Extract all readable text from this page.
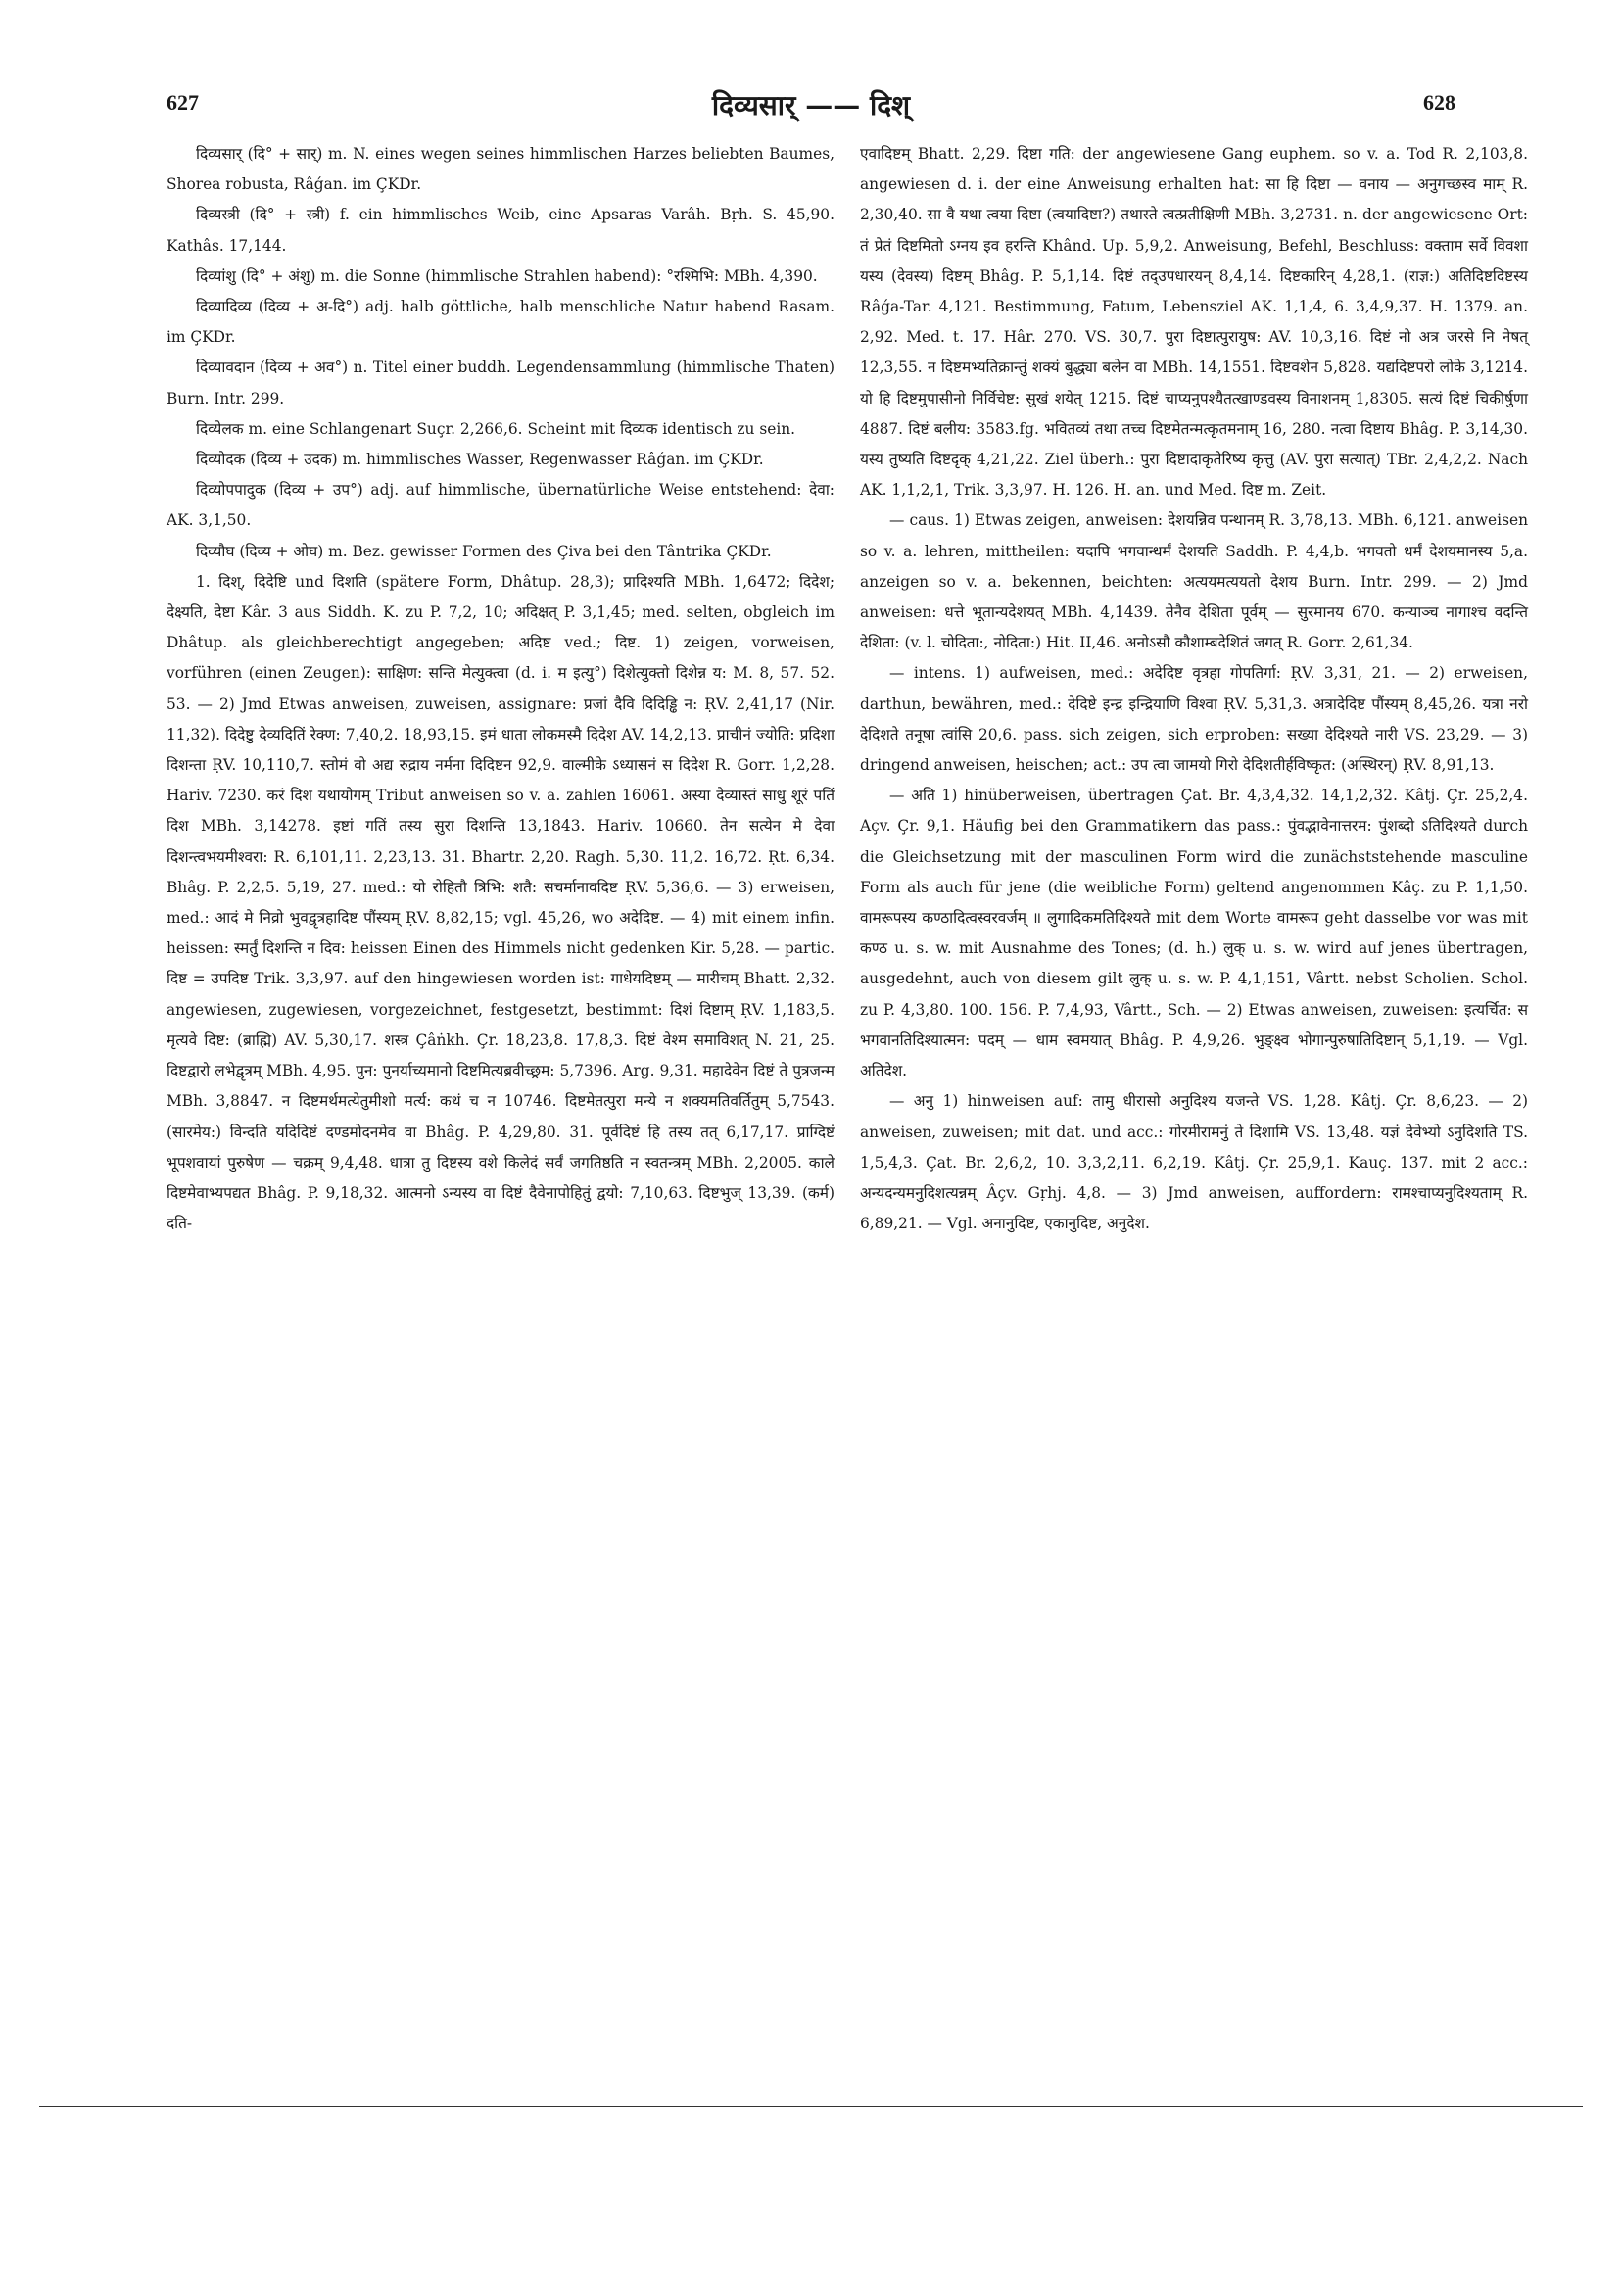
627	दिव्यसार् —— दिश्	628

दिव्यसार् (दि° + सार्) m. N. eines wegen seines himmlischen Harzes beliebten Baumes, Shorea robusta, Râǵan. im ÇKDr.

दिव्यस्त्री (दि° + स्त्री) f. ein himmlisches Weib, eine Apsaras Varâh. Bṛh. S. 45,90. Kathâs. 17,144.

दिव्यांशु (दि° + अंशु) m. die Sonne (himmlische Strahlen habend): °रश्मिभि: MBh. 4,390.

दिव्यादिव्य (दिव्य + अ-दि°) adj. halb göttliche, halb menschliche Natur habend Rasam. im ÇKDr.

दिव्यावदान (दिव्य + अव°) n. Titel einer buddh. Legendensammlung (himmlische Thaten) Burn. Intr. 299.

दिव्येलक m. eine Schlangenart Suçr. 2,266,6. Scheint mit दिव्यक identisch zu sein.

दिव्योदक (दिव्य + उदक) m. himmlisches Wasser, Regenwasser Râǵan. im ÇKDr.

दिव्योपपादुक (दिव्य + उप°) adj. auf himmlische, übernatürliche Weise entstehend: देवा: AK. 3,1,50.

दिव्यौघ (दिव्य + ओघ) m. Bez. gewisser Formen des Çiva bei den Tântrika ÇKDr.

1. दिश्, दिदेष्टि und दिशति (spätere Form, Dhâtup. 28,3); प्रादिश्यति MBh. 1,6472; दिदेश; देक्ष्यति, देष्टा Kâr. 3 aus Siddh. K. zu P. 7,2, 10; अदिक्षत् P. 3,1,45; med. selten, obgleich im Dhâtup. als gleichberechtigt angegeben; अदिष्ट ved.; दिष्ट. 1) zeigen, vorweisen, vorführen (einen Zeugen): साक्षिण: सन्ति मेत्युक्त्वा (d. i. म इत्यु°) दिशेत्युक्तो दिशेन्न य: M. 8, 57. 52. 53. — 2) Jmd Etwas anweisen, zuweisen, assignare: प्रजां दैवि दिदिड्ढि न: ṚV. 2,41,17 (Nir. 11,32). दिदेष्टु देव्यदितिं रेक्ण: 7,40,2. 18,93,15. इमं धाता लोकमस्मै दिदेश AV. 14,2,13. प्राचीनं ज्योति: प्रदिशा दिशन्ता ṚV. 10,110,7. स्तोमं वो अद्य रुद्राय नर्मना दिदिष्टन 92,9. वाल्मीके ऽध्यासनं स दिदेश R. Gorr. 1,2,28. Hariv. 7230. करं दिश यथायोगम् Tribut anweisen so v. a. zahlen 16061. अस्या देव्यास्तं साधु शूरं पतिं दिश MBh. 3,14278. इष्टां गतिं तस्य सुरा दिशन्ति 13,1843. Hariv. 10660. तेन सत्येन मे देवा दिशन्त्वभयमीश्वरा: R. 6,101,11. 2,23,13. 31. Bhartr. 2,20. Ragh. 5,30. 11,2. 16,72. Ṛt. 6,34. Bhâg. P. 2,2,5. 5,19, 27. med.: यो रोहितौ त्रिभि: शतै: सचर्मानावदिष्ट ṚV. 5,36,6. — 3) erweisen, med.: आदं मे निव्रो भुवद्वृत्रहादिष्ट पौंस्यम् ṚV. 8,82,15; vgl. 45,26, wo अदेदिष्ट. — 4) mit einem infin. heissen: स्मर्तुं दिशन्ति न दिव: heissen Einen des Himmels nicht gedenken Kir. 5,28. — partic. दिष्ट = उपदिष्ट Trik. 3,3,97. auf den hingewiesen worden ist: गाधेयदिष्टम् — मारीचम् Bhatt. 2,32. angewiesen, zugewiesen, vorgezeichnet, festgesetzt, bestimmt: दिशं दिष्टाम् ṚV. 1,183,5. मृत्यवे दिष्ट: (ब्राह्मि) AV. 5,30,17. शस्त्र Çâṅkh. Çr. 18,23,8. 17,8,3. दिष्टं वेश्म समाविशत् N. 21, 25. दिष्टद्वारो लभेद्वृत्रम् MBh. 4,95. पुन: पुनर्याच्यमानो दिष्टमित्यब्रवीच्छ्रम: 5,7396. Arg. 9,31. महादेवेन दिष्टं ते पुत्रजन्म MBh. 3,8847. न दिष्टमर्थमत्येतुमीशो मर्त्य: कथं च न 10746. दिष्टमेतत्पुरा मन्ये न शक्यमतिवर्तितुम् 5,7543. (सारमेय:) विन्दति यदिदिष्टं दण्डमोदनमेव वा Bhâg. P. 4,29,80. 31. पूर्वदिष्टं हि तस्य तत् 6,17,17. प्राग्दिष्टं भूपशवायां पुरुषेण — चक्रम् 9,4,48. धात्रा तु दिष्टस्य वशे किलेदं सर्वं जगतिष्ठति न स्वतन्त्रम् MBh. 2,2005. काले दिष्टमेवाभ्यपद्यत Bhâg. P. 9,18,32. आत्मनो ऽन्यस्य वा दिष्टं दैवेनापोहितुं द्वयो: 7,10,63. दिष्टभुज् 13,39. (कर्म) दति-

एवादिष्टम् Bhatt. 2,29. दिष्टा गति: der angewiesene Gang euphem. so v. a. Tod R. 2,103,8. angewiesen d. i. der eine Anweisung erhalten hat: सा हि दिष्टा — वनाय — अनुगच्छस्व माम् R. 2,30,40. सा वै यथा त्वया दिष्टा (त्वयादिष्टा?) तथास्ते त्वत्प्रतीक्षिणी MBh. 3,2731. n. der angewiesene Ort: तं प्रेतं दिष्टमितो ऽग्नय इव हरन्ति Khând. Up. 5,9,2. Anweisung, Befehl, Beschluss: वक्ताम सर्वे विवशा यस्य (देवस्य) दिष्टम् Bhâg. P. 5,1,14. दिष्टं तद्उपधारयन् 8,4,14. दिष्टकारिन् 4,28,1. (राज्ञ:) अतिदिष्टदिष्टस्य Râǵa-Tar. 4,121. Bestimmung, Fatum, Lebensziel AK. 1,1,4, 6. 3,4,9,37. H. 1379. an. 2,92. Med. t. 17. Hâr. 270. VS. 30,7. पुरा दिष्टात्पुरायुष: AV. 10,3,16. दिष्टं नो अत्र जरसे नि नेषत् 12,3,55. न दिष्टमभ्यतिक्रान्तुं शक्यं बुद्ध्या बलेन वा MBh. 14,1551. दिष्टवशेन 5,828. यद्यदिष्टपरो लोके 3,1214. यो हि दिष्टमुपासीनो निर्विचेष्ट: सुखं शयेत् 1215. दिष्टं चाप्यनुपश्यैतत्खाण्डवस्य विनाशनम् 1,8305. सत्यं दिष्टं चिकीर्षुणा 4887. दिष्टं बलीय: 3583.fg. भवितव्यं तथा तच्च दिष्टमेतन्मत्कृतमनाम् 16, 280. नत्वा दिष्टाय Bhâg. P. 3,14,30. यस्य तुष्यति दिष्टदृक् 4,21,22. Ziel überh.: पुरा दिष्टादाकृतेरिष्य कृत्तु (AV. पुरा सत्यात्) TBr. 2,4,2,2. Nach AK. 1,1,2,1, Trik. 3,3,97. H. 126. H. an. und Med. दिष्ट m. Zeit.

— caus. 1) Etwas zeigen, anweisen: देशयन्निव पन्थानम् R. 3,78,13. MBh. 6,121. anweisen so v. a. lehren, mittheilen: यदापि भगवान्धर्मं देशयति Saddh. P. 4,4,b. भगवतो धर्मं देशयमानस्य 5,a. anzeigen so v. a. bekennen, beichten: अत्ययमत्ययतो देशय Burn. Intr. 299. — 2) Jmd anweisen: धत्ते भूतान्यदेशयत् MBh. 4,1439. तेनैव देशिता पूर्वम् — सुरमानय 670. कन्याञ्च नागाश्च वदन्ति देशिता: (v. l. चोदिता:, नोदिता:) Hit. II,46. अनोऽसौ कौशाम्बदेशितं जगत् R. Gorr. 2,61,34.

— intens. 1) aufweisen, med.: अदेदिष्ट वृत्रहा गोपतिर्गा: ṚV. 3,31, 21. — 2) erweisen, darthun, bewähren, med.: देदिष्टे इन्द्र इन्द्रियाणि विश्वा ṚV. 5,31,3. अत्रादेदिष्ट पौंस्यम् 8,45,26. यत्रा नरो देदिशते तनूषा त्वांसि 20,6. pass. sich zeigen, sich erproben: सख्या देदिश्यते नारी VS. 23,29. — 3) dringend anweisen, heischen; act.: उप त्वा जामयो गिरो देदिशतीर्हविष्कृत: (अस्थिरन्) ṚV. 8,91,13.

— अति 1) hinüberweisen, übertragen Çat. Br. 4,3,4,32. 14,1,2,32. Kâtj. Çr. 25,2,4. Açv. Çr. 9,1. Häufig bei den Grammatikern das pass.: पुंवद्भावेनात्तरम: पुंशब्दो ऽतिदिश्यते durch die Gleichsetzung mit der masculinen Form wird die zunächststehende masculine Form als auch für jene (die weibliche Form) geltend angenommen Kâç. zu P. 1,1,50. वामरूपस्य कण्ठादित्वस्वरवर्जम् ॥ लुगादिकमतिदिश्यते mit dem Worte वामरूप geht dasselbe vor was mit कण्ठ u. s. w. mit Ausnahme des Tones; (d. h.) लुक् u. s. w. wird auf jenes übertragen, ausgedehnt, auch von diesem gilt लुक् u. s. w. P. 4,1,151, Vârtt. nebst Scholien. Schol. zu P. 4,3,80. 100. 156. P. 7,4,93, Vârtt., Sch. — 2) Etwas anweisen, zuweisen: इत्यर्चित: स भगवानतिदिश्यात्मन: पदम् — धाम स्वमयात् Bhâg. P. 4,9,26. भुङ्क्ष्व भोगान्पुरुषातिदिष्टान् 5,1,19. — Vgl. अतिदेश.

— अनु 1) hinweisen auf: तामु धीरासो अनुदिश्य यजन्ते VS. 1,28. Kâtj. Çr. 8,6,23. — 2) anweisen, zuweisen; mit dat. und acc.: गोरमीरामनुं ते दिशामि VS. 13,48. यज्ञं देवेभ्यो ऽनुदिशति TS. 1,5,4,3. Çat. Br. 2,6,2, 10. 3,3,2,11. 6,2,19. Kâtj. Çr. 25,9,1. Kauç. 137. mit 2 acc.: अन्यदन्यमनुदिशत्यन्नम् Âçv. Gṛhj. 4,8. — 3) Jmd anweisen, auffordern: रामश्चाप्यनुदिश्यताम् R. 6,89,21. — Vgl. अनानुदिष्ट, एकानुदिष्ट, अनुदेश.
